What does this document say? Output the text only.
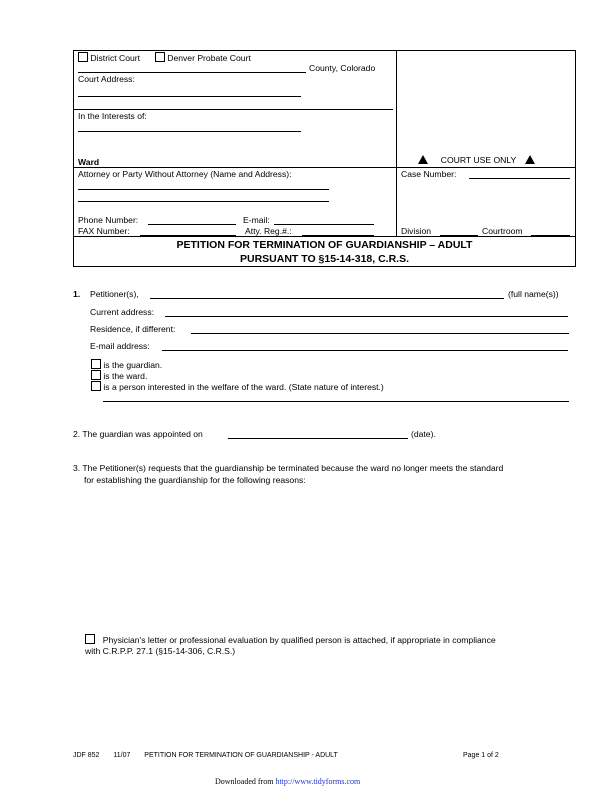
District Court	Denver Probate Court
County, Colorado
Court Address:
In the Interests of:
Ward
Attorney or Party Without Attorney (Name and Address):
Phone Number:	E-mail:
FAX Number:	Atty. Reg.#.:
COURT USE ONLY
Case Number:
Division	Courtroom
PETITION FOR TERMINATION OF GUARDIANSHIP – ADULT
PURSUANT TO §15-14-318, C.R.S.
1. Petitioner(s),	(full name(s))
Current address:
Residence, if different:
E-mail address:
is the guardian.
is the ward.
is a person interested in the welfare of the ward. (State nature of interest.)
2. The guardian was appointed on	(date).
3. The Petitioner(s) requests that the guardianship be terminated because the ward no longer meets the standard
for establishing the guardianship for the following reasons:
Physician's letter or professional evaluation by qualified person is attached, if appropriate in compliance
with C.R.P.P. 27.1 (§15-14-306, C.R.S.)
JDF 852 11/07 PETITION FOR TERMINATION OF GUARDIANSHIP - ADULT	Page 1 of 2
Downloaded from http://www.tidyforms.com
